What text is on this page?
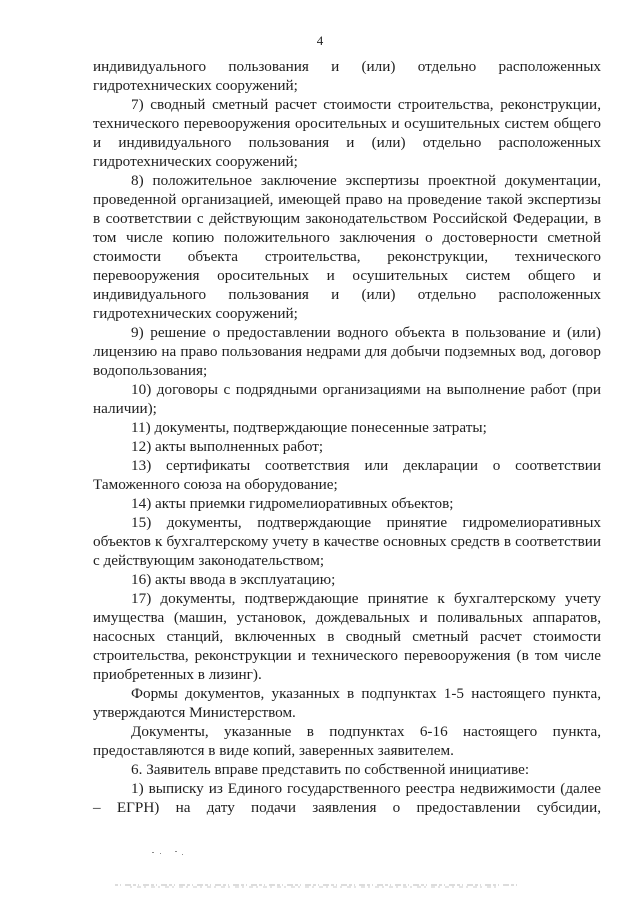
4

индивидуального пользования и (или) отдельно расположенных гидротехнических сооружений;

7) сводный сметный расчет стоимости строительства, реконструкции, технического перевооружения оросительных и осушительных систем общего и индивидуального пользования и (или) отдельно расположенных гидротехнических сооружений;

8) положительное заключение экспертизы проектной документации, проведенной организацией, имеющей право на проведение такой экспертизы в соответствии с действующим законодательством Российской Федерации, в том числе копию положительного заключения о достоверности сметной стоимости объекта строительства, реконструкции, технического перевооружения оросительных и осушительных систем общего и индивидуального пользования и (или) отдельно расположенных гидротехнических сооружений;

9) решение о предоставлении водного объекта в пользование и (или) лицензию на право пользования недрами для добычи подземных вод, договор водопользования;

10) договоры с подрядными организациями на выполнение работ (при наличии);

11) документы, подтверждающие понесенные затраты;

12) акты выполненных работ;

13) сертификаты соответствия или декларации о соответствии Таможенного союза на оборудование;

14) акты приемки гидромелиоративных объектов;

15) документы, подтверждающие принятие гидромелиоративных объектов к бухгалтерскому учету в качестве основных средств в соответствии с действующим законодательством;

16) акты ввода в эксплуатацию;

17) документы, подтверждающие принятие к бухгалтерскому учету имущества (машин, установок, дождевальных и поливальных аппаратов, насосных станций, включенных в сводный сметный расчет стоимости строительства, реконструкции и технического перевооружения (в том числе приобретенных в лизинг).

Формы документов, указанных в подпунктах 1-5 настоящего пункта, утверждаются Министерством.

Документы, указанные в подпунктах 6-16 настоящего пункта, предоставляются в виде копий, заверенных заявителем.

6. Заявитель вправе представить по собственной инициативе:

1) выписку из Единого государственного реестра недвижимости (далее – ЕГРН) на дату подачи заявления о предоставлении субсидии,
